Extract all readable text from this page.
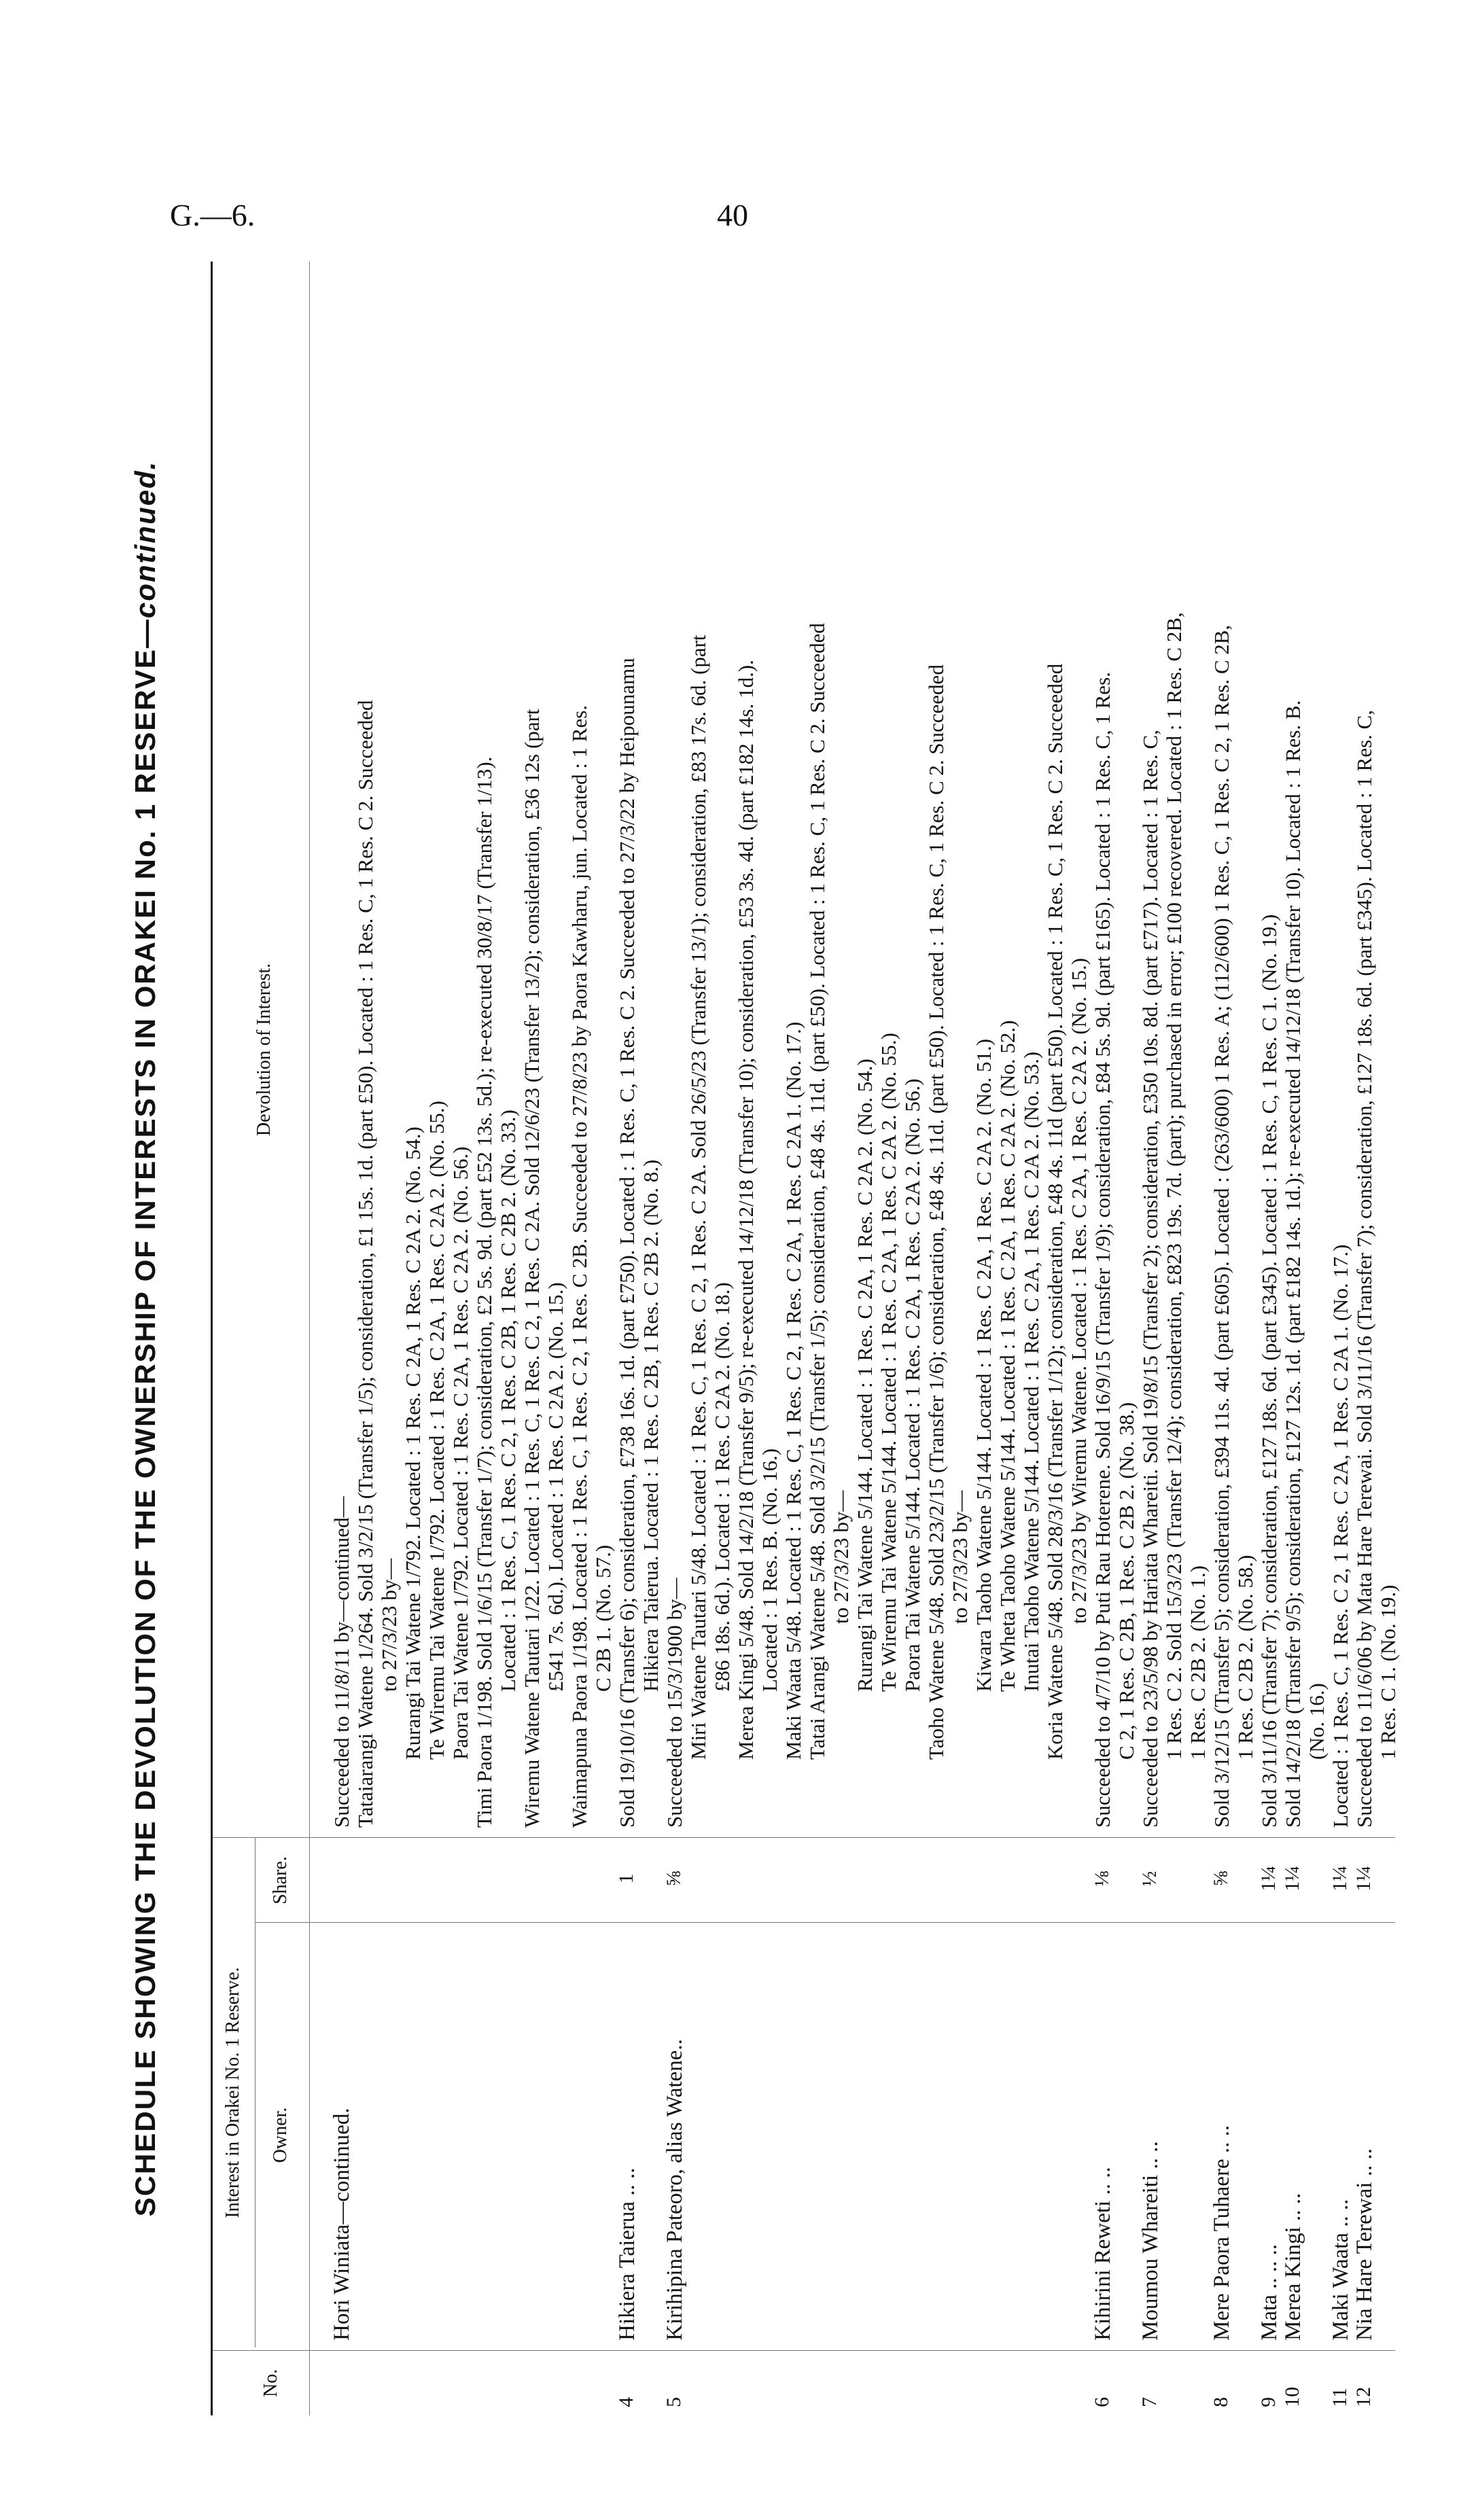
G.—6.	40
SCHEDULE SHOWING THE DEVOLUTION OF THE OWNERSHIP OF INTERESTS IN ORAKEI No. 1 RESERVE—continued.
No.
Interest in Orakei No. 1 Reserve. Owner.
Share.
Devolution of Interest.
Hori Winiata—continued.
4
Hikiera Taierua .. ..
1
5
Kirihipina Pateoro, alias Watene..
⅝
6
Kihirini Reweti .. ..
⅛
7
Moumou Whareiti .. ..
½
8
Mere Paora Tuhaere .. ..
⅝
9
Mata .. .. ..
1¼
10
Merea Kingi .. ..
1¼
11
Maki Waata .. ..
1¼
12
Nia Hare Terewai .. ..
1¼
Succeeded to 11/8/11 by—continued— Tataiarangi Watene 1/264. Sold 3/2/15 (Transfer 1/5); consideration, £1 15s. 1d. (part £50). Located : 1 Res. C, 1 Res. C 2. Succeeded to 27/3/23 by— Rurangi Tai Watene 1/792. Located : 1 Res. C 2A, 1 Res. C 2A 2. (No. 54.) Te Wiremu Tai Watene 1/792. Located : 1 Res. C 2A, 1 Res. C 2A 2. (No. 55.) Paora Tai Watene 1/792. Located : 1 Res. C 2A, 1 Res. C 2A 2. (No. 56.) Timi Paora 1/198. Sold 1/6/15 (Transfer 1/7); consideration, £2 5s. 9d. (part £52 13s. 5d.); re-executed 30/8/17 (Transfer 1/13). Located : 1 Res. C, 1 Res. C 2, 1 Res. C 2B, 1 Res. C 2B 2. (No. 33.) Wiremu Watene Tautari 1/22. Located : 1 Res. C, 1 Res. C 2, 1 Res. C 2A. Sold 12/6/23 (Transfer 13/2); consideration, £36 12s (part £541 7s. 6d.). Located : 1 Res. C 2A 2. (No. 15.) Waimapuna Paora 1/198. Located : 1 Res. C, 1 Res. C 2, 1 Res. C 2B. Succeeded to 27/8/23 by Paora Kawharu, jun. Located : 1 Res. C 2B 1. (No. 57.) Sold 19/10/16 (Transfer 6); consideration, £738 16s. 1d. (part £750). Located : 1 Res. C, 1 Res. C 2. Succeeded to 27/3/22 by Heipounamu Hikiera Taierua. Located : 1 Res. C 2B, 1 Res. C 2B 2. (No. 8.)
Succeeded to 15/3/1900 by— Miri Watene Tautari 5/48. Located : 1 Res. C, 1 Res. C 2, 1 Res. C 2A. Sold 26/5/23 (Transfer 13/1); consideration, £83 17s. 6d. (part £86 18s. 6d.). Located : 1 Res. C 2A 2. (No. 18.) Merea Kingi 5/48. Sold 14/2/18 (Transfer 9/5); re-executed 14/12/18 (Transfer 10); consideration, £53 3s. 4d. (part £182 14s. 1d.). Located : 1 Res. B. (No. 16.) Maki Waata 5/48. Located : 1 Res. C, 1 Res. C 2, 1 Res. C 2A, 1 Res. C 2A 1. (No. 17.) Tatai Arangi Watene 5/48. Sold 3/2/15 (Transfer 1/5); consideration, £48 4s. 11d. (part £50). Located : 1 Res. C, 1 Res. C 2. Succeeded to 27/3/23 by— Rurangi Tai Watene 5/144. Located : 1 Res. C 2A, 1 Res. C 2A 2. (No. 54.) Te Wiremu Tai Watene 5/144. Located : 1 Res. C 2A, 1 Res. C 2A 2. (No. 55.) Paora Tai Watene 5/144. Located : 1 Res. C 2A, 1 Res. C 2A 2. (No. 56.) Taoho Watene 5/48. Sold 23/2/15 (Transfer 1/6); consideration, £48 4s. 11d. (part £50). Located : 1 Res. C, 1 Res. C 2. Succeeded to 27/3/23 by— Kiwara Taoho Watene 5/144. Located : 1 Res. C 2A, 1 Res. C 2A 2. (No. 51.) Te Wheta Taoho Watene 5/144. Located : 1 Res. C 2A, 1 Res. C 2A 2. (No. 52.) Inutai Taoho Watene 5/144. Located : 1 Res. C 2A, 1 Res. C 2A 2. (No. 53.) Koria Watene 5/48. Sold 28/3/16 (Transfer 1/12); consideration, £48 4s. 11d (part £50). Located : 1 Res. C, 1 Res. C 2. Succeeded to 27/3/23 by Wiremu Watene. Located : 1 Res. C 2A, 1 Res. C 2A 2. (No. 15.) Succeeded to 4/7/10 by Puti Rau Hoterene. Sold 16/9/15 (Transfer 1/9); consideration, £84 5s. 9d. (part £165). Located : 1 Res. C, 1 Res. C 2, 1 Res. C 2B, 1 Res. C 2B 2. (No. 38.) Succeeded to 23/5/98 by Hariata Whareiti. Sold 19/8/15 (Transfer 2); consideration, £350 10s. 8d. (part £717). Located : 1 Res. C, 1 Res. C 2. Sold 15/3/23 (Transfer 12/4); consideration, £823 19s. 7d. (part); purchased in error; £100 recovered. Located : 1 Res. C 2B, 1 Res. C 2B 2. (No. 1.) Sold 3/12/15 (Transfer 5); consideration, £394 11s. 4d. (part £605). Located : (263/600) 1 Res. A; (112/600) 1 Res. C, 1 Res. C 2, 1 Res. C 2B, 1 Res. C 2B 2. (No. 58.) Sold 3/11/16 (Transfer 7); consideration, £127 18s. 6d. (part £345). Located : 1 Res. C, 1 Res. C 1. (No. 19.) Sold 14/2/18 (Transfer 9/5); consideration, £127 12s. 1d. (part £182 14s. 1d.); re-executed 14/12/18 (Transfer 10). Located : 1 Res. B. (No. 16.) Located : 1 Res. C, 1 Res. C 2, 1 Res. C 2A, 1 Res. C 2A 1. (No. 17.) Succeeded to 11/6/06 by Mata Hare Terewai. Sold 3/11/16 (Transfer 7); consideration, £127 18s. 6d. (part £345). Located : 1 Res. C, 1 Res. C 1. (No. 19.)
